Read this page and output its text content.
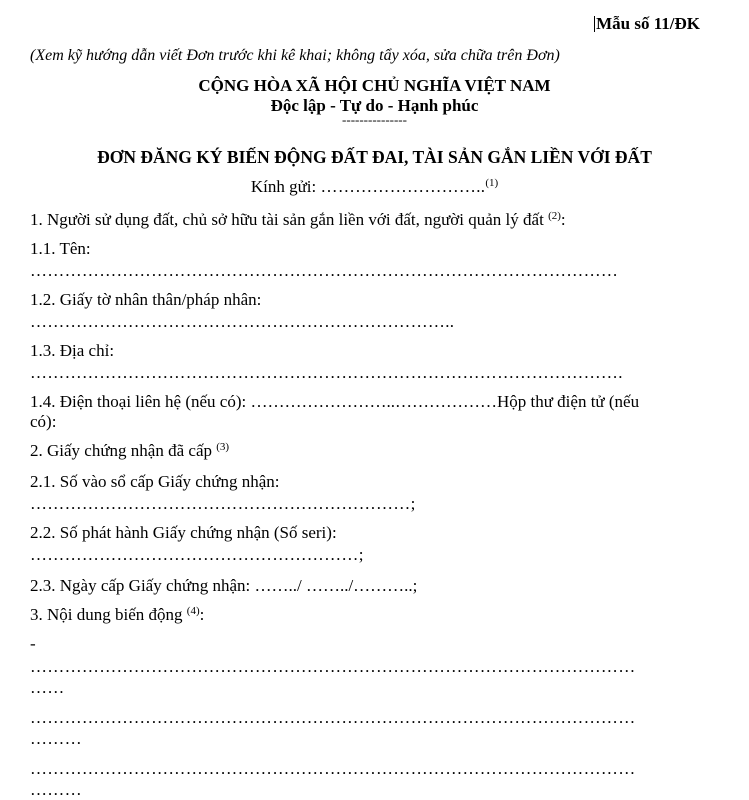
Mẫu số 11/ĐK
(Xem kỹ hướng dẫn viết Đơn trước khi kê khai; không tẩy xóa, sửa chữa trên Đơn)
CỘNG HÒA XÃ HỘI CHỦ NGHĨA VIỆT NAM
Độc lập - Tự do - Hạnh phúc
---------------
ĐƠN ĐĂNG KÝ BIẾN ĐỘNG ĐẤT ĐAI, TÀI SẢN GẮN LIỀN VỚI ĐẤT
Kính gửi: ………………………..$^{(1)}$
1. Người sử dụng đất, chủ sở hữu tài sản gắn liền với đất, người quản lý đất $^{(2)}$:
1.1. Tên:
…………………………………………………………………………………………
1.2. Giấy tờ nhân thân/pháp nhân:
………………………………………………………………..
1.3. Địa chỉ:
………………………………………………………………………………………….
1.4. Điện thoại liên hệ (nếu có): ……………………..………………Hộp thư điện tử (nếu
có):
2. Giấy chứng nhận đã cấp $^{(3)}$
2.1. Số vào sổ cấp Giấy chứng nhận:
…………………………………………………………;
2.2. Số phát hành Giấy chứng nhận (Số seri):
…………………………………………………;
2.3. Ngày cấp Giấy chứng nhận: ……../ ……../………..;
3. Nội dung biến động $^{(4)}$:
-
……………………………………………………………………………………………
……
……………………………………………………………………………………………
………
……………………………………………………………………………………………
………
